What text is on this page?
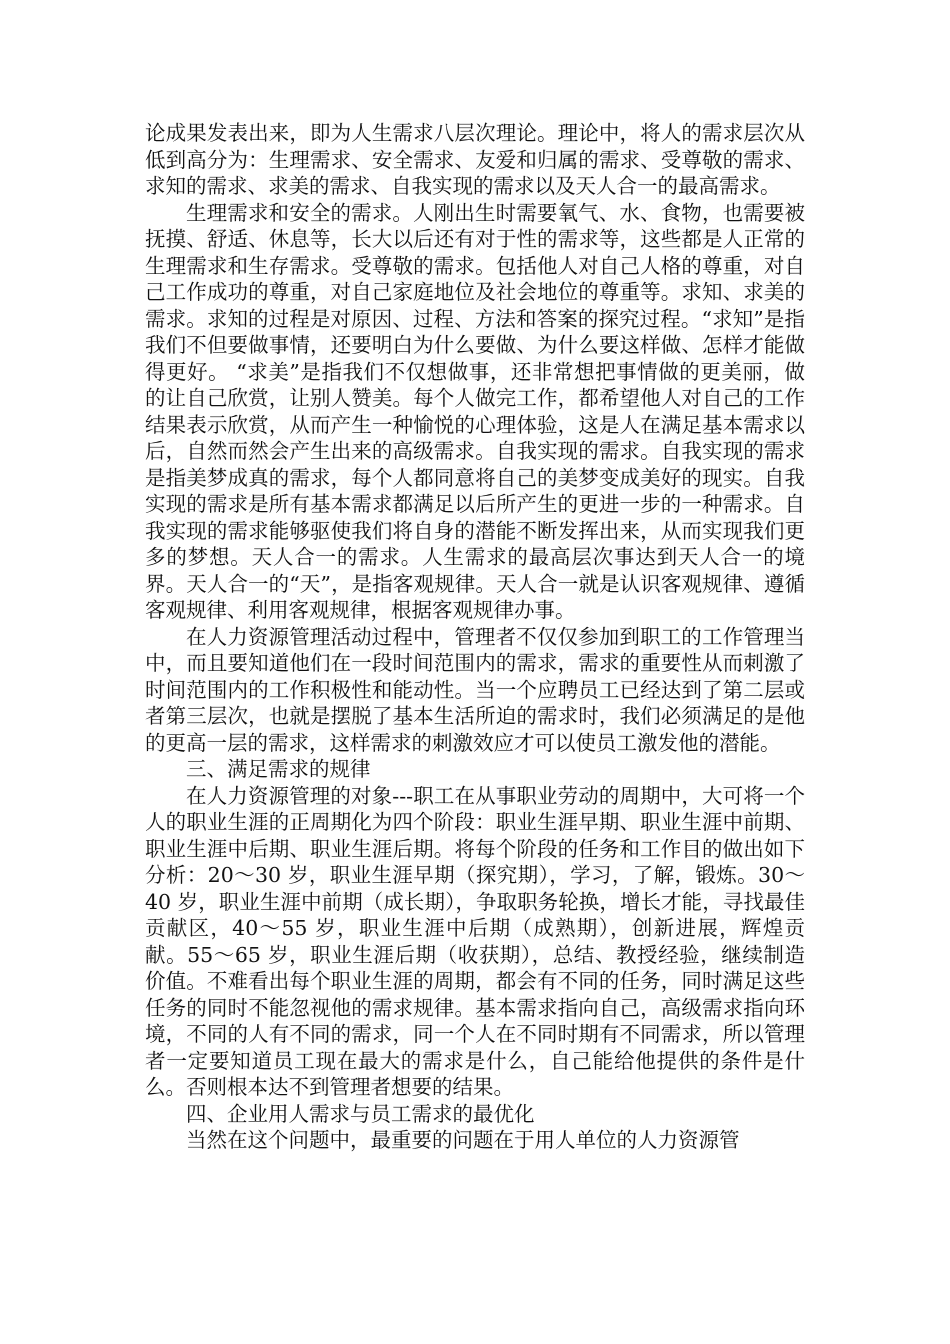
论成果发表出来，即为人生需求八层次理论。理论中，将人的需求层次从低到高分为：生理需求、安全需求、友爱和归属的需求、受尊敬的需求、求知的需求、求美的需求、自我实现的需求以及天人合一的最高需求。

生理需求和安全的需求。人刚出生时需要氧气、水、食物，也需要被抚摸、舒适、休息等，长大以后还有对于性的需求等，这些都是人正常的生理需求和生存需求。受尊敬的需求。包括他人对自己人格的尊重，对自己工作成功的尊重，对自己家庭地位及社会地位的尊重等。求知、求美的需求。求知的过程是对原因、过程、方法和答案的探究过程。“求知”是指我们不但要做事情，还要明白为什么要做、为什么要这样做、怎样才能做得更好。 “求美”是指我们不仅想做事，还非常想把事情做的更美丽，做的让自己欣赏，让别人赞美。每个人做完工作，都希望他人对自己的工作结果表示欣赏，从而产生一种愉悦的心理体验，这是人在满足基本需求以后，自然而然会产生出来的高级需求。自我实现的需求。自我实现的需求是指美梦成真的需求，每个人都同意将自己的美梦变成美好的现实。自我实现的需求是所有基本需求都满足以后所产生的更进一步的一种需求。自我实现的需求能够驱使我们将自身的潜能不断发挥出来，从而实现我们更多的梦想。天人合一的需求。人生需求的最高层次事达到天人合一的境界。天人合一的“天”，是指客观规律。天人合一就是认识客观规律、遵循客观规律、利用客观规律，根据客观规律办事。

在人力资源管理活动过程中，管理者不仅仅参加到职工的工作管理当中，而且要知道他们在一段时间范围内的需求，需求的重要性从而刺激了时间范围内的工作积极性和能动性。当一个应聘员工已经达到了第二层或者第三层次，也就是摆脱了基本生活所迫的需求时，我们必须满足的是他的更高一层的需求，这样需求的刺激效应才可以使员工激发他的潜能。

三、满足需求的规律

在人力资源管理的对象---职工在从事职业劳动的周期中，大可将一个人的职业生涯的正周期化为四个阶段：职业生涯早期、职业生涯中前期、职业生涯中后期、职业生涯后期。将每个阶段的任务和工作目的做出如下分析：20～30 岁，职业生涯早期（探究期），学习，了解，锻炼。30～40 岁，职业生涯中前期（成长期），争取职务轮换，增长才能，寻找最佳贡献区，40～55 岁，职业生涯中后期（成熟期），创新进展，辉煌贡献。55～65 岁，职业生涯后期（收获期），总结、教授经验，继续制造价值。不难看出每个职业生涯的周期，都会有不同的任务，同时满足这些任务的同时不能忽视他的需求规律。基本需求指向自己，高级需求指向环境，不同的人有不同的需求，同一个人在不同时期有不同需求，所以管理者一定要知道员工现在最大的需求是什么，自己能给他提供的条件是什么。否则根本达不到管理者想要的结果。

四、企业用人需求与员工需求的最优化

当然在这个问题中，最重要的问题在于用人单位的人力资源管
